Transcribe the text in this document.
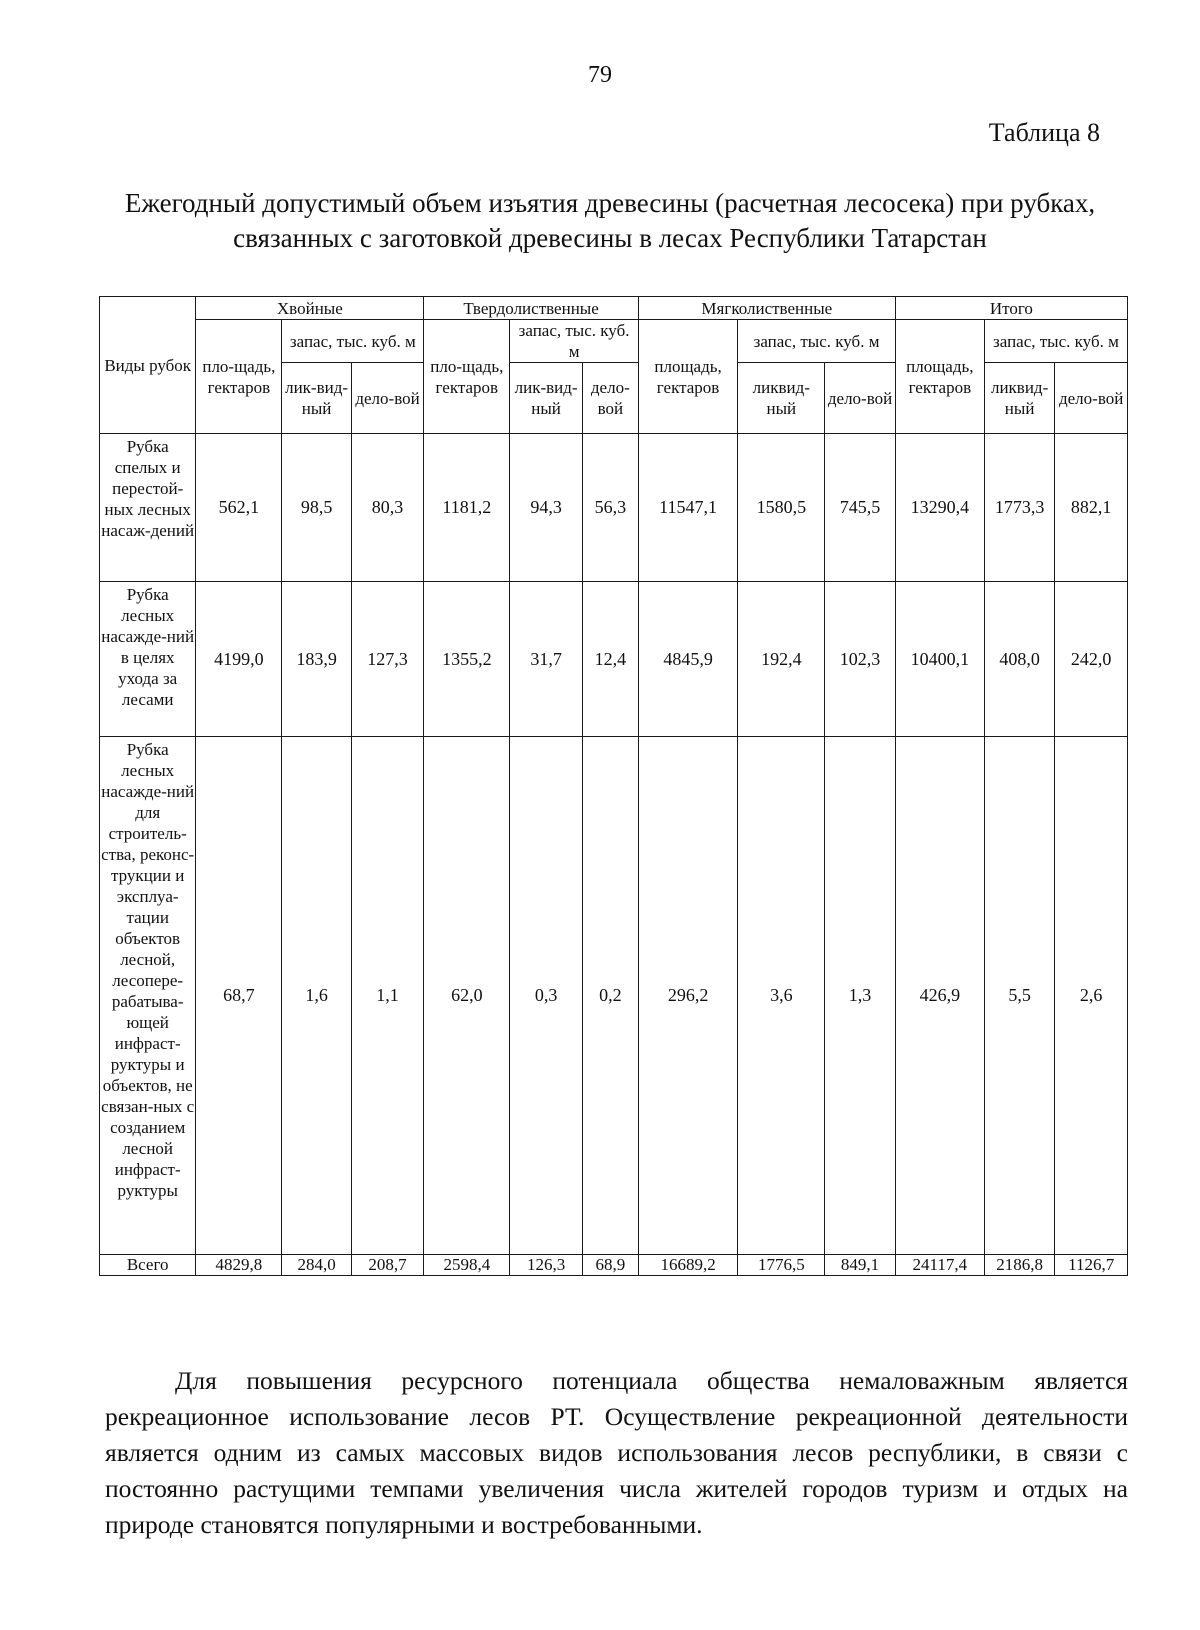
79
Таблица 8
Ежегодный допустимый объем изъятия древесины (расчетная лесосека) при рубках,
связанных с заготовкой древесины в лесах Республики Татарстан
Виды рубок	Хвойные			Твердолиственные			Мягколиственные			Итого		
	пло-щадь, гектаров	запас, тыс. куб. м		пло-щадь, гектаров	запас, тыс. куб. м		площадь, гектаров	запас, тыс. куб. м		площадь, гектаров	запас, тыс. куб. м	
		лик-вид-ный	дело-вой		лик-вид-ный	дело-вой		ликвид-ный	дело-вой		ликвид-ный	дело-вой
Рубка спелых и перестой-ных лесных насаж-дений	562,1	98,5	80,3	1181,2	94,3	56,3	11547,1	1580,5	745,5	13290,4	1773,3	882,1
Рубка лесных насажде-ний в целях ухода за лесами	4199,0	183,9	127,3	1355,2	31,7	12,4	4845,9	192,4	102,3	10400,1	408,0	242,0
Рубка лесных насажде-ний для строитель-ства, реконс-трукции и эксплуа-тации объектов лесной, лесопере-рабатыва-ющей инфраст-руктуры и объектов, не связан-ных с созданием лесной инфраст-руктуры	68,7	1,6	1,1	62,0	0,3	0,2	296,2	3,6	1,3	426,9	5,5	2,6
Всего	4829,8	284,0	208,7	2598,4	126,3	68,9	16689,2	1776,5	849,1	24117,4	2186,8	1126,7

Для повышения ресурсного потенциала общества немаловажным является рекреационное использование лесов РТ. Осуществление рекреационной деятельности является одним из самых массовых видов использования лесов республики, в связи с постоянно растущими темпами увеличения числа жителей городов туризм и отдых на природе становятся популярными и востребованными.
